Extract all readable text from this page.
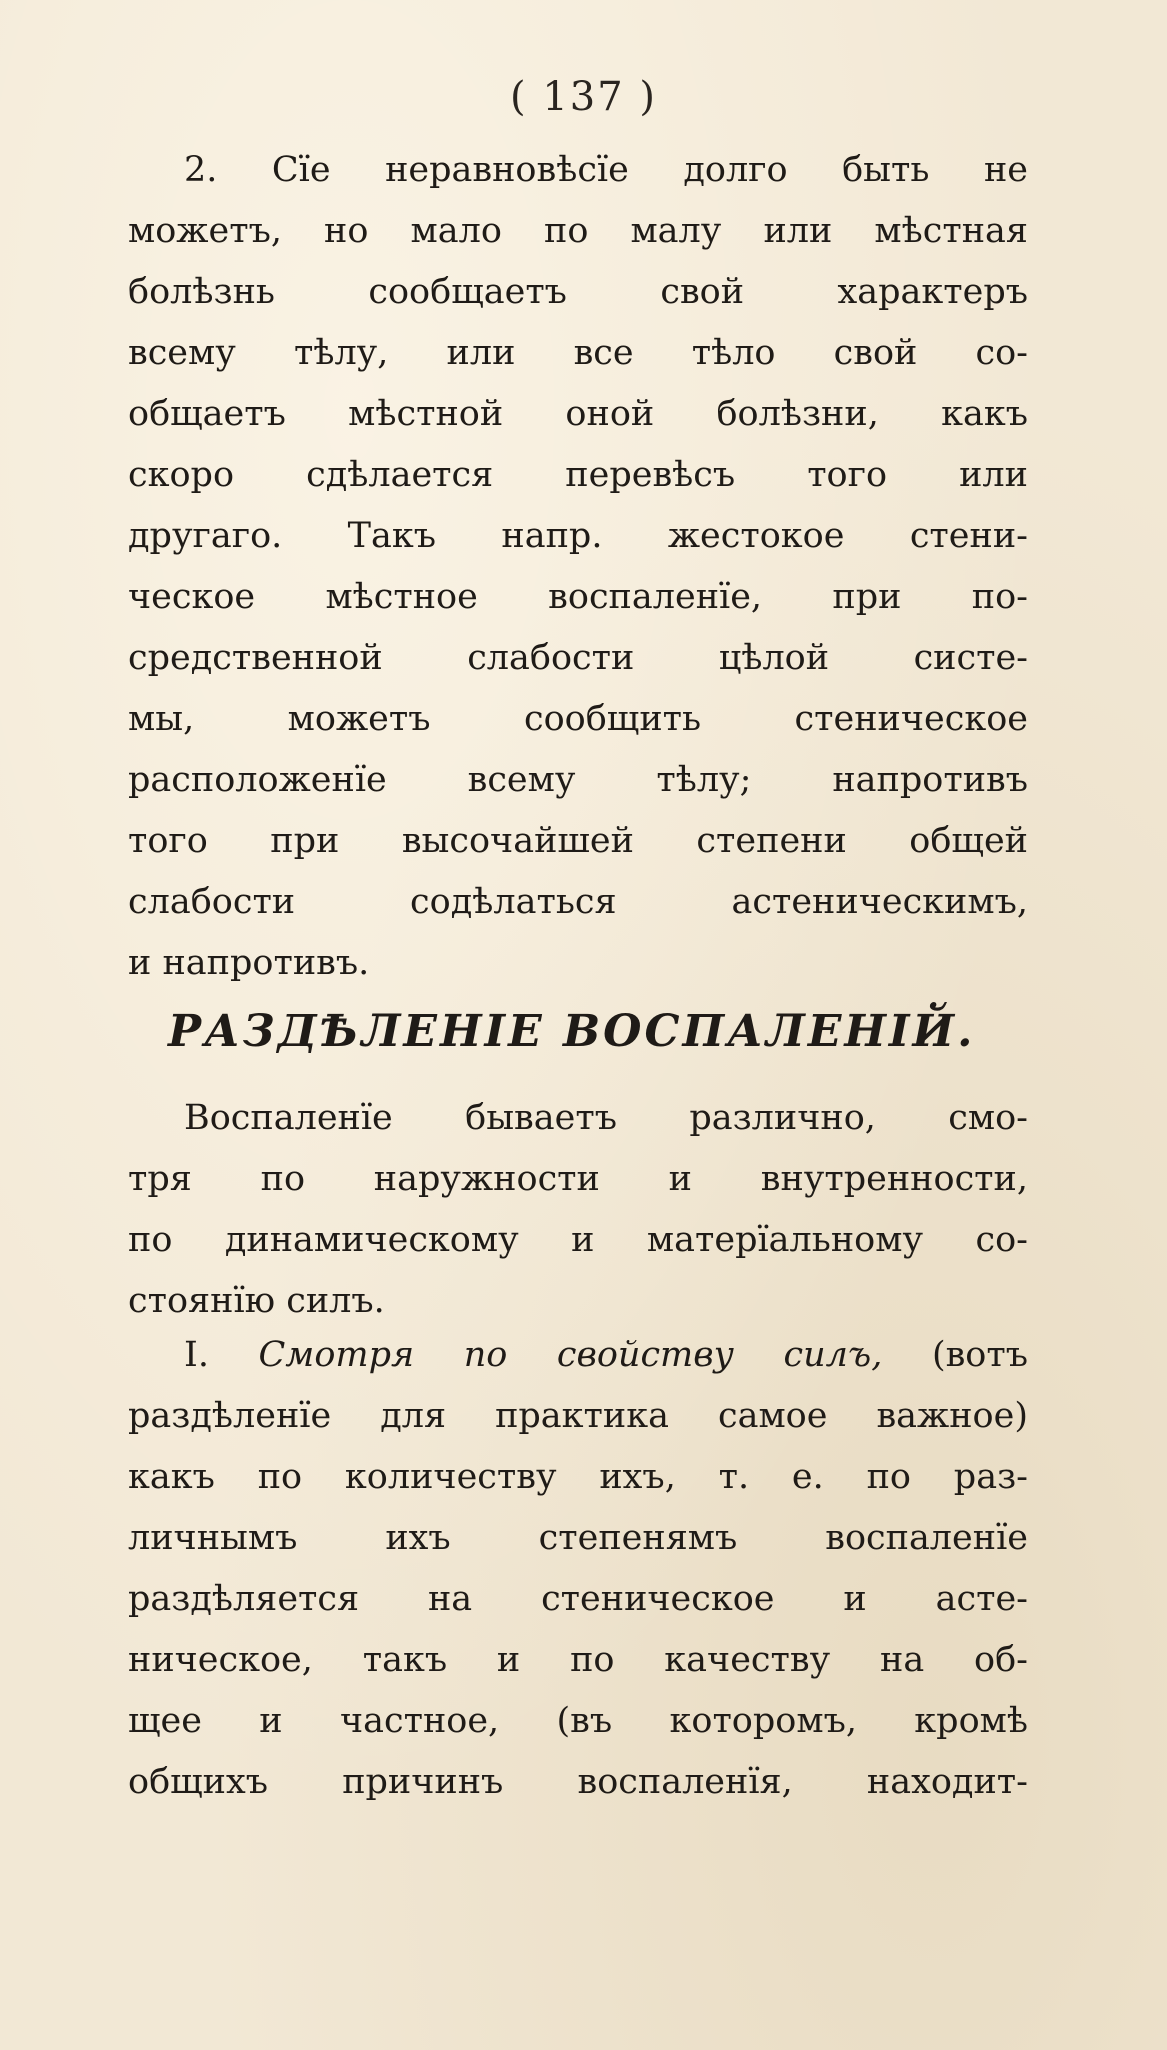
( 137 )
2. Сїе неравновѣсїе долго быть не
можетъ, но мало по малу или мѣстная
болѣзнь сообщаетъ свой характеръ
всему тѣлу, или все тѣло свой со-
общаетъ мѣстной оной болѣзни, какъ
скоро сдѣлается перевѣсъ того или
другаго. Такъ напр. жестокое стени-
ческое мѣстное воспаленїе, при по-
средственной слабости цѣлой систе-
мы, можетъ сообщить стеническое
расположенїе всему тѣлу; напротивъ
того при высочайшей степени общей
слабости содѣлаться астеническимъ,
и напротивъ.
РАЗДѢЛЕНІЕ ВОСПАЛЕНІЙ.
Воспаленїе бываетъ различно, смо-
тря по наружности и внутренности,
по динамическому и матерїальному со-
стоянїю силъ.
I. Смотря по свойству силъ, (вотъ
раздѣленїе для практика самое важное)
какъ по количеству ихъ, т. е. по раз-
личнымъ ихъ степенямъ воспаленїе
раздѣляется на стеническое и асте-
ническое, такъ и по качеству на об-
щее и частное, (въ которомъ, кромѣ
общихъ причинъ воспаленїя, находит-
